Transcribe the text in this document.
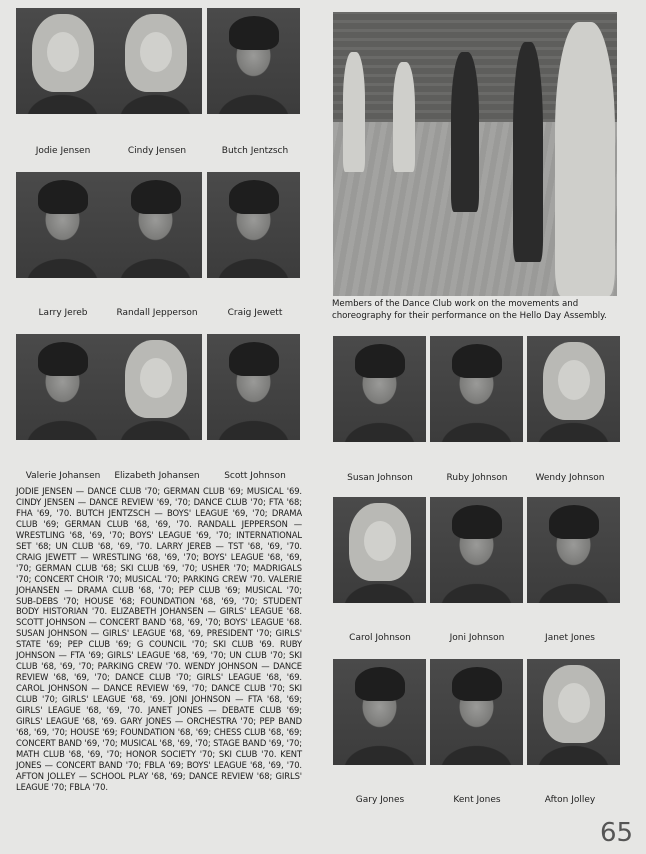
Jodie Jensen	Cindy Jensen	Butch Jentzsch
Larry Jereb	Randall Jepperson	Craig Jewett
Valerie Johansen	Elizabeth Johansen	Scott Johnson
Members of the Dance Club work on the movements and choreography for their performance on the Hello Day Assembly.
Susan Johnson	Ruby Johnson	Wendy Johnson
Carol Johnson	Joni Johnson	Janet Jones
Gary Jones	Kent Jones	Afton Jolley
JODIE JENSEN — DANCE CLUB '70; GERMAN CLUB '69; MUSICAL '69. CINDY JENSEN — DANCE REVIEW '69, '70; DANCE CLUB '70; FTA '68; FHA '69, '70. BUTCH JENTZSCH — BOYS' LEAGUE '69, '70; DRAMA CLUB '69; GERMAN CLUB '68, '69, '70. RANDALL JEPPERSON — WRESTLING '68, '69, '70; BOYS' LEAGUE '69, '70; INTERNATIONAL SET '68; UN CLUB '68, '69, '70. LARRY JEREB — TST '68, '69, '70. CRAIG JEWETT — WRESTLING '68, '69, '70; BOYS' LEAGUE '68, '69, '70; GERMAN CLUB '68; SKI CLUB '69, '70; USHER '70; MADRIGALS '70; CONCERT CHOIR '70; MUSICAL '70; PARKING CREW '70. VALERIE JOHANSEN — DRAMA CLUB '68, '70; PEP CLUB '69; MUSICAL '70; SUB-DEBS '70; HOUSE '68; FOUNDATION '68, '69, '70; STUDENT BODY HISTORIAN '70. ELIZABETH JOHANSEN — GIRLS' LEAGUE '68. SCOTT JOHNSON — CONCERT BAND '68, '69, '70; BOYS' LEAGUE '68. SUSAN JOHNSON — GIRLS' LEAGUE '68, '69, PRESIDENT '70; GIRLS' STATE '69; PEP CLUB '69; G COUNCIL '70; SKI CLUB '69. RUBY JOHNSON — FTA '69; GIRLS' LEAGUE '68, '69, '70; UN CLUB '70; SKI CLUB '68, '69, '70; PARKING CREW '70. WENDY JOHNSON — DANCE REVIEW '68, '69, '70; DANCE CLUB '70; GIRLS' LEAGUE '68, '69. CAROL JOHNSON — DANCE REVIEW '69, '70; DANCE CLUB '70; SKI CLUB '70; GIRLS' LEAGUE '68, '69. JONI JOHNSON — FTA '68, '69; GIRLS' LEAGUE '68, '69, '70. JANET JONES — DEBATE CLUB '69; GIRLS' LEAGUE '68, '69. GARY JONES — ORCHESTRA '70; PEP BAND '68, '69, '70; HOUSE '69; FOUNDATION '68, '69; CHESS CLUB '68, '69; CONCERT BAND '69, '70; MUSICAL '68, '69, '70; STAGE BAND '69, '70; MATH CLUB '68, '69, '70; HONOR SOCIETY '70; SKI CLUB '70. KENT JONES — CONCERT BAND '70; FBLA '69; BOYS' LEAGUE '68, '69, '70. AFTON JOLLEY — SCHOOL PLAY '68, '69; DANCE REVIEW '68; GIRLS' LEAGUE '70; FBLA '70.
65
